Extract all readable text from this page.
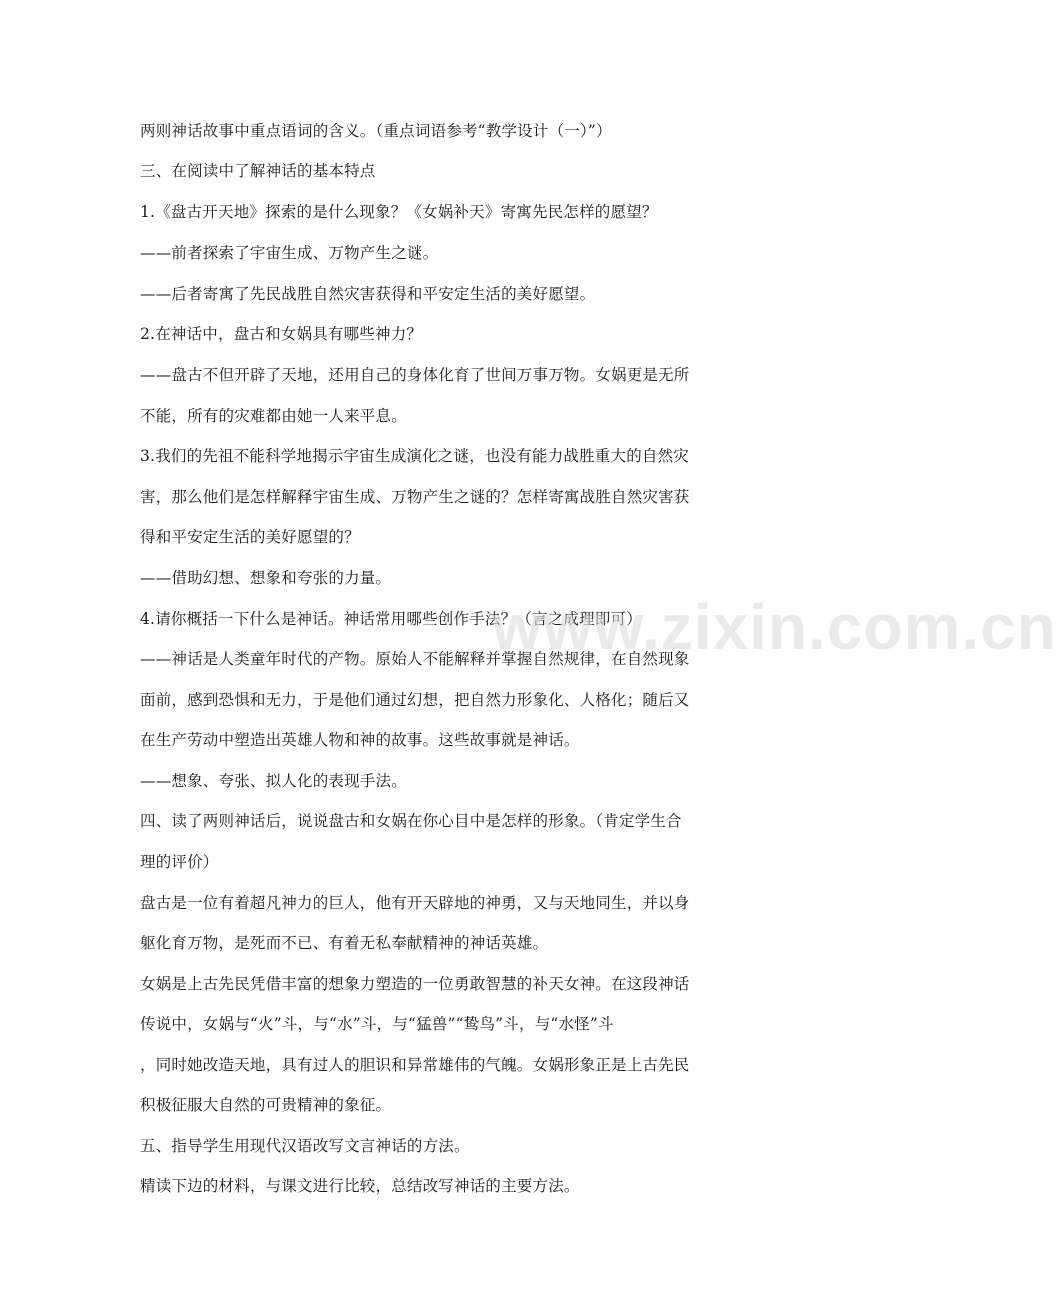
两则神话故事中重点语词的含义。（重点词语参考“教学设计（一）”）
三、在阅读中了解神话的基本特点
1.《盘古开天地》探索的是什么现象？《女娲补天》寄寓先民怎样的愿望？
——前者探索了宇宙生成、万物产生之谜。
——后者寄寓了先民战胜自然灾害获得和平安定生活的美好愿望。
2.在神话中，盘古和女娲具有哪些神力？
——盘古不但开辟了天地，还用自己的身体化育了世间万事万物。女娲更是无所
不能，所有的灾难都由她一人来平息。
3.我们的先祖不能科学地揭示宇宙生成演化之谜，也没有能力战胜重大的自然灾
害，那么他们是怎样解释宇宙生成、万物产生之谜的？怎样寄寓战胜自然灾害获
得和平安定生活的美好愿望的？
——借助幻想、想象和夸张的力量。
4.请你概括一下什么是神话。神话常用哪些创作手法？（言之成理即可）
——神话是人类童年时代的产物。原始人不能解释并掌握自然规律，在自然现象
面前，感到恐惧和无力，于是他们通过幻想，把自然力形象化、人格化；随后又
在生产劳动中塑造出英雄人物和神的故事。这些故事就是神话。
——想象、夸张、拟人化的表现手法。
四、读了两则神话后，说说盘古和女娲在你心目中是怎样的形象。（肯定学生合
理的评价）
盘古是一位有着超凡神力的巨人，他有开天辟地的神勇，又与天地同生，并以身
躯化育万物，是死而不已、有着无私奉献精神的神话英雄。
女娲是上古先民凭借丰富的想象力塑造的一位勇敢智慧的补天女神。在这段神话
传说中，女娲与“火”斗，与“水”斗，与“猛兽”“鸷鸟”斗，与“水怪”斗
，同时她改造天地，具有过人的胆识和异常雄伟的气魄。女娲形象正是上古先民
积极征服大自然的可贵精神的象征。
五、指导学生用现代汉语改写文言神话的方法。
精读下边的材料，与课文进行比较，总结改写神话的主要方法。
www.zixin.com.cn
